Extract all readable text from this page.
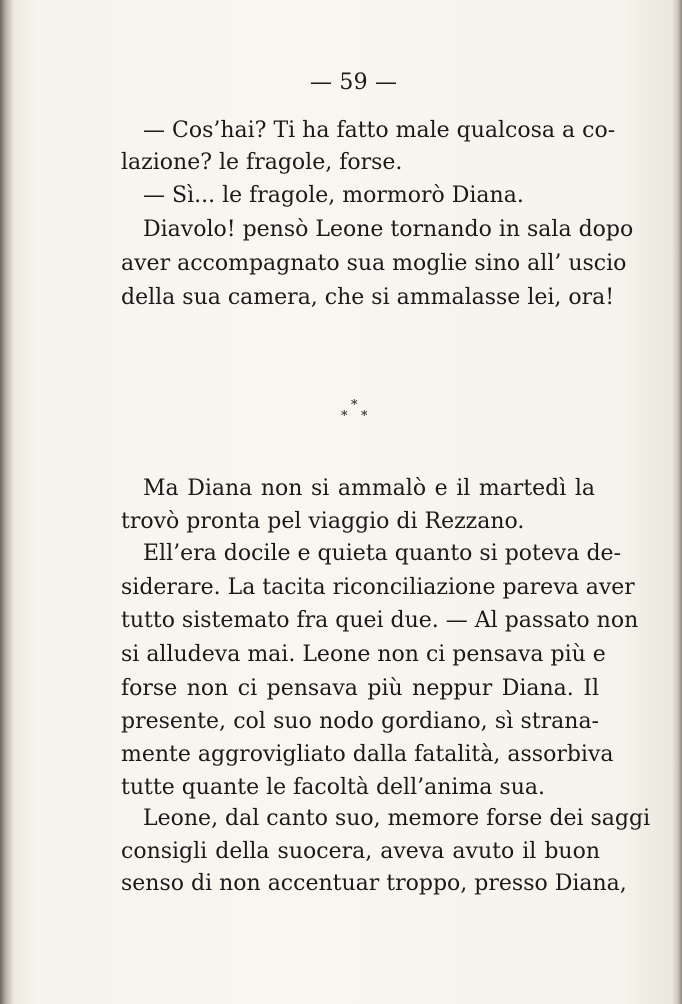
— 59 —
— Cos’hai? Ti ha fatto male qualcosa a co-
lazione? le fragole, forse.
— Sì... le fragole, mormorò Diana.
Diavolo! pensò Leone tornando in sala dopo
aver accompagnato sua moglie sino all’ uscio
della sua camera, che si ammalasse lei, ora!
*
* *
Ma Diana non si ammalò e il martedì la
trovò pronta pel viaggio di Rezzano.
Ell’era docile e quieta quanto si poteva de-
siderare. La tacita riconciliazione pareva aver
tutto sistemato fra quei due. — Al passato non
si alludeva mai. Leone non ci pensava più e
forse non ci pensava più neppur Diana. Il
presente, col suo nodo gordiano, sì strana-
mente aggrovigliato dalla fatalità, assorbiva
tutte quante le facoltà dell’anima sua.
Leone, dal canto suo, memore forse dei saggi
consigli della suocera, aveva avuto il buon
senso di non accentuar troppo, presso Diana,
